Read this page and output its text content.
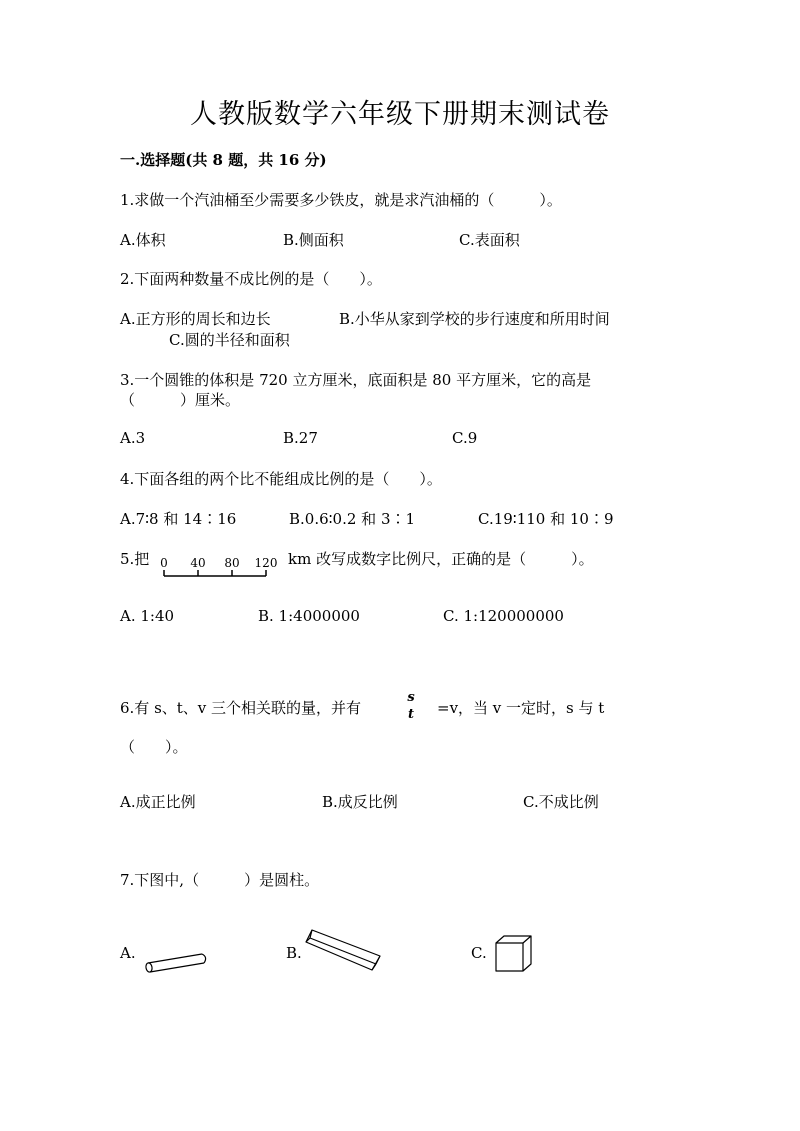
人教版数学六年级下册期末测试卷
一.选择题(共 8 题，共 16 分)
1.求做一个汽油桶至少需要多少铁皮，就是求汽油桶的（　　　）。
A.体积	B.侧面积	C.表面积
2.下面两种数量不成比例的是（　　）。
A.正方形的周长和边长	B.小华从家到学校的步行速度和所用时间
C.圆的半径和面积
3.一个圆锥的体积是 720 立方厘米，底面积是 80 平方厘米，它的高是
（　　　）厘米。
A.3	B.27	C.9
4.下面各组的两个比不能组成比例的是（　　）。
A.7∶8 和 14∶16	B.0.6∶0.2 和 3∶1	C.19∶110 和 10∶9
5.把 0 40 80 120 km 改写成数字比例尺，正确的是（　　　）。
A. 1:40	B. 1:4000000	C. 1:120000000
6.有 s、t、v 三个相关联的量，并有
s
t	=v，当 v 一定时，s 与 t
（　　）。
A.成正比例	B.成反比例	C.不成比例
7.下图中,（　　　）是圆柱。
A.	B.	C.
